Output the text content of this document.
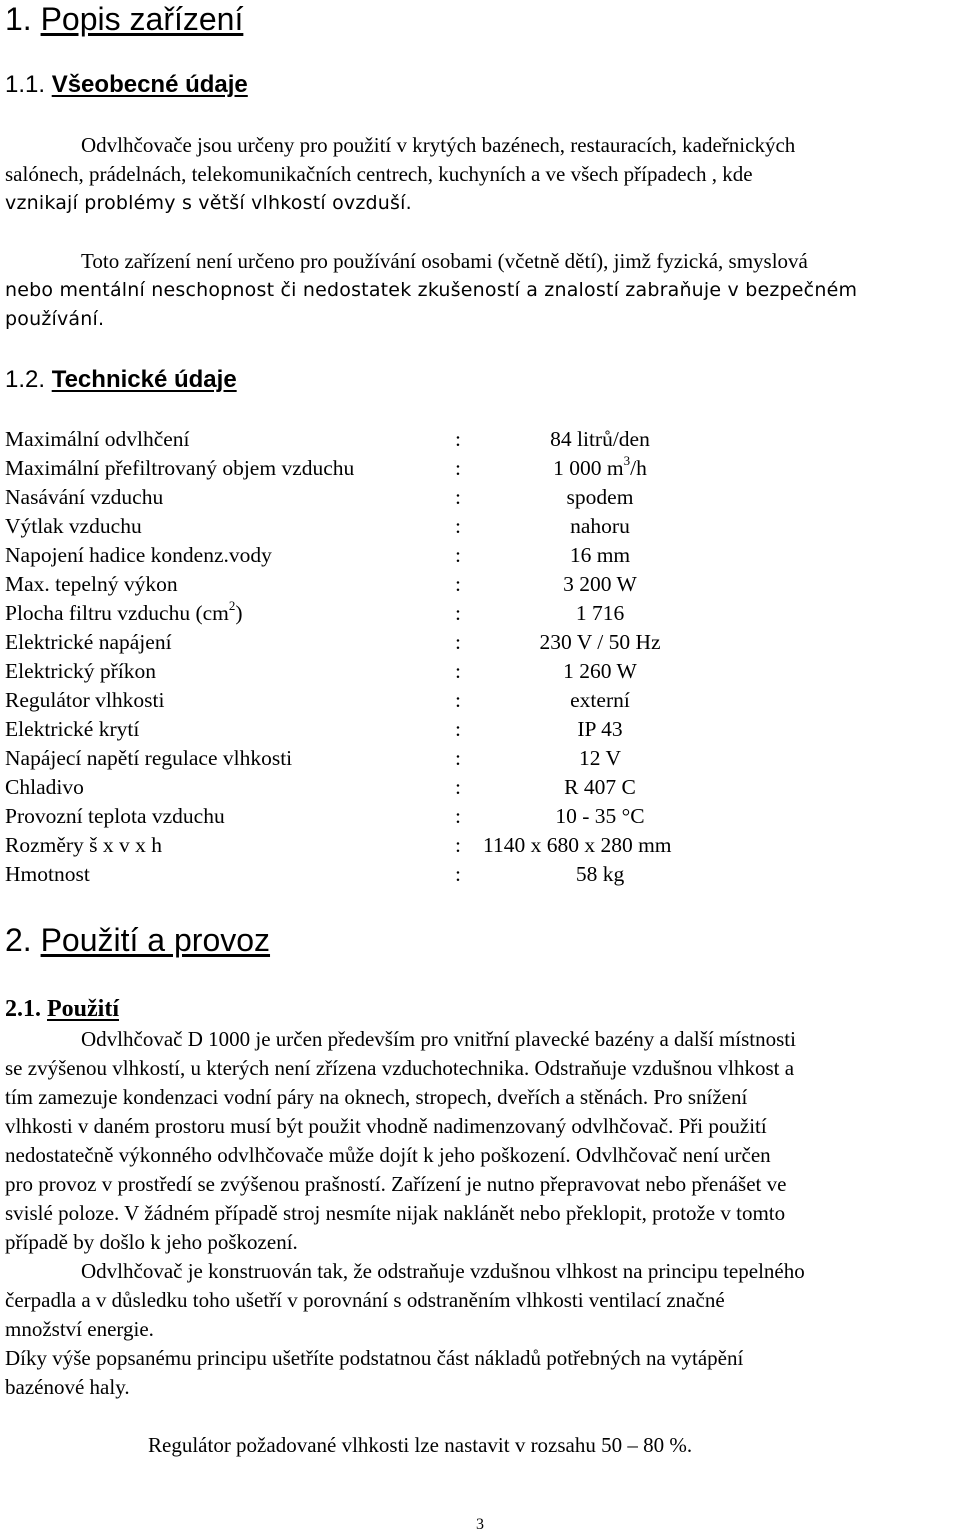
1. Popis zařízení
1.1. Všeobecné údaje
Odvlhčovače jsou určeny pro použití v krytých bazénech, restauracích, kadeřnických
salónech, prádelnách, telekomunikačních centrech, kuchyních a ve všech případech , kde
vznikají problémy s větší vlhkostí ovzduší.
Toto zařízení není určeno pro používání osobami (včetně dětí), jimž fyzická, smyslová
nebo mentální neschopnost či nedostatek zkušeností a znalostí zabraňuje v bezpečném
používání.
1.2. Technické údaje
Maximální odvlhčení	:	84 litrů/den
Maximální přefiltrovaný objem vzduchu	:	1 000 $m^3/h$
Nasávání vzduchu	:	spodem
Výtlak vzduchu	:	nahoru
Napojení hadice kondenz.vody	:	16 mm
Max. tepelný výkon	:	3 200 W
Plocha filtru vzduchu $(cm^2)$	:	1 716
Elektrické napájení	:	230 V / 50 Hz
Elektrický příkon	:	1 260 W
Regulátor vlhkosti	:	externí
Elektrické krytí	:	IP 43
Napájecí napětí regulace vlhkosti	:	12 V
Chladivo	:	R 407 C
Provozní teplota vzduchu	:	10 - 35 °C
Rozměry š x v x h	: 1140 x 680 x 280 mm
Hmotnost	:	58 kg
2. Použití a provoz
2.1. Použití
Odvlhčovač D 1000 je určen především pro vnitřní plavecké bazény a další místnosti
se zvýšenou vlhkostí, u kterých není zřízena vzduchotechnika. Odstraňuje vzdušnou vlhkost a
tím zamezuje kondenzaci vodní páry na oknech, stropech, dveřích a stěnách. Pro snížení
vlhkosti v daném prostoru musí být použit vhodně nadimenzovaný odvlhčovač. Při použití
nedostatečně výkonného odvlhčovače může dojít k jeho poškození. Odvlhčovač není určen
pro provoz v prostředí se zvýšenou prašností. Zařízení je nutno přepravovat nebo přenášet ve
svislé poloze. V žádném případě stroj nesmíte nijak naklánět nebo překlopit, protože v tomto
případě by došlo k jeho poškození.
Odvlhčovač je konstruován tak, že odstraňuje vzdušnou vlhkost na principu tepelného
čerpadla a v důsledku toho ušetří v porovnání s odstraněním vlhkosti ventilací značné
množství energie.
Díky výše popsanému principu ušetříte podstatnou část nákladů potřebných na vytápění
bazénové haly.
Regulátor požadované vlhkosti lze nastavit v rozsahu 50 – 80 %.
3
